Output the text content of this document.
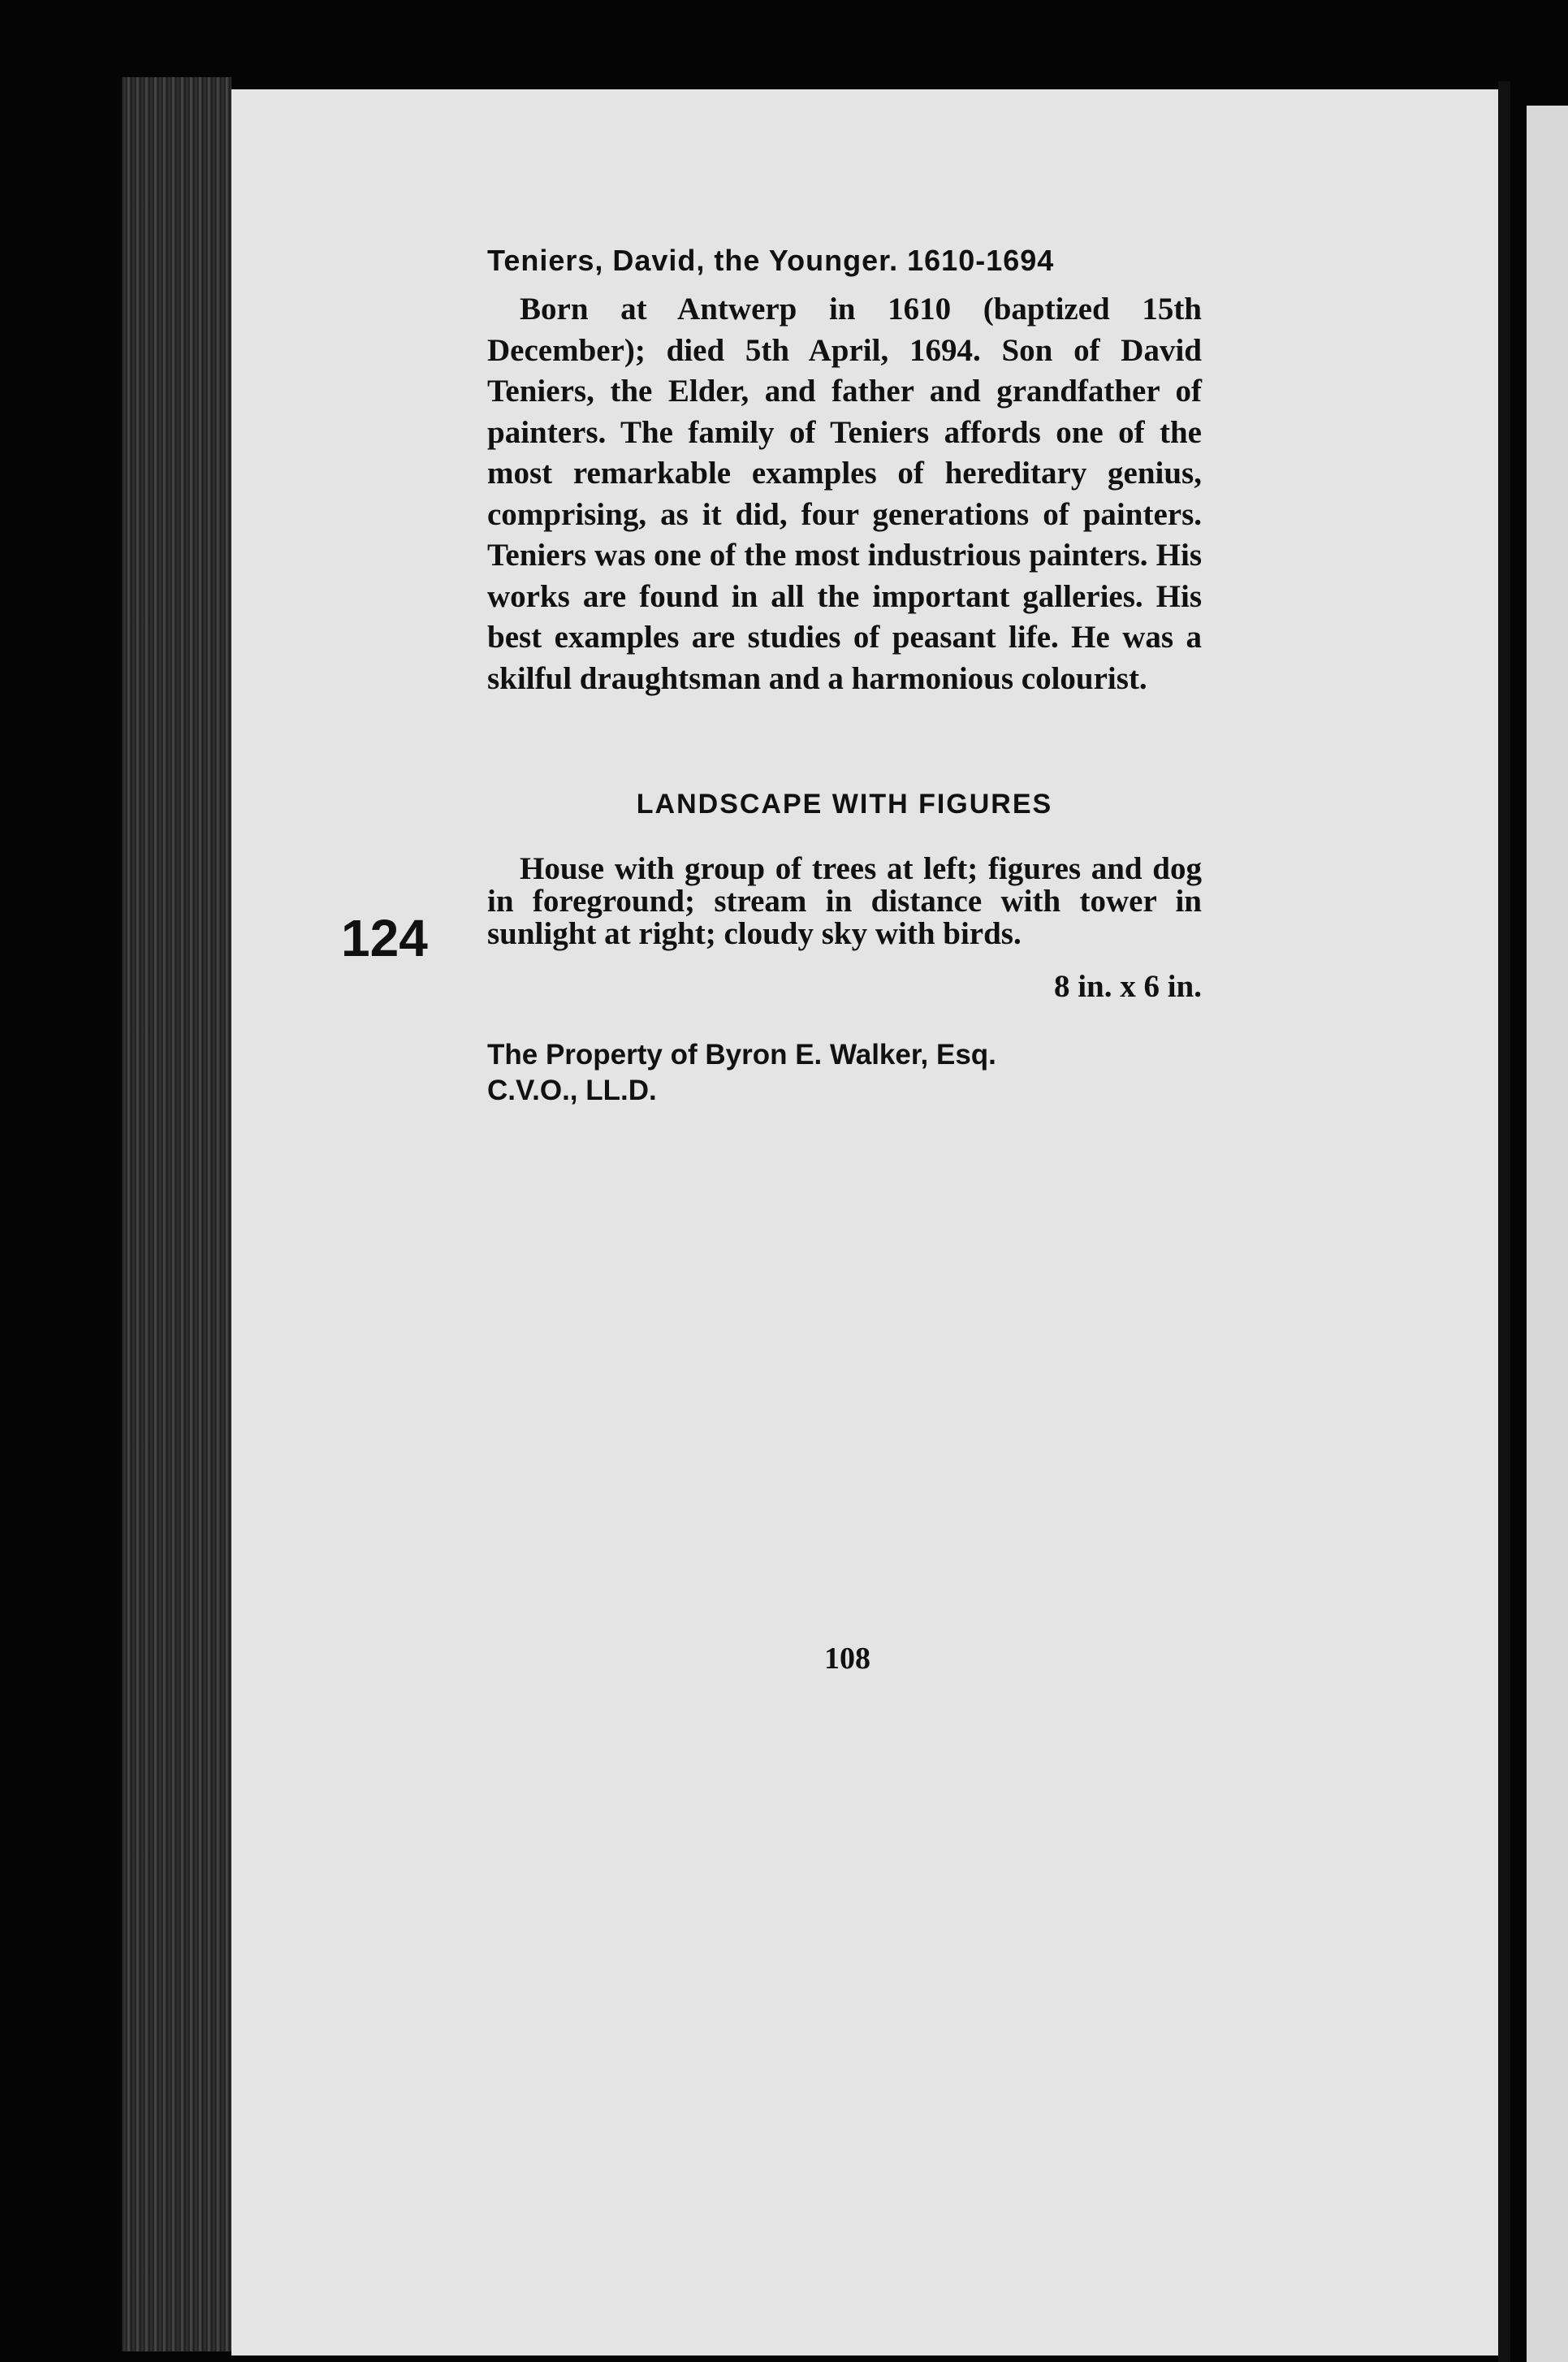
Teniers, David, the Younger. 1610-1694

Born at Antwerp in 1610 (baptized 15th December); died 5th April, 1694. Son of David Teniers, the Elder, and father and grandfather of painters. The family of Teniers affords one of the most remarkable examples of hereditary genius, comprising, as it did, four generations of painters. Teniers was one of the most industrious painters. His works are found in all the important galleries. His best examples are studies of peasant life. He was a skilful draughtsman and a harmonious colourist.

LANDSCAPE WITH FIGURES

House with group of trees at left; figures and dog in foreground; stream in distance with tower in sunlight at right; cloudy sky with birds.

8 in. x 6 in.

The Property of Byron E. Walker, Esq.

C.V.O., LL.D.

124
108
